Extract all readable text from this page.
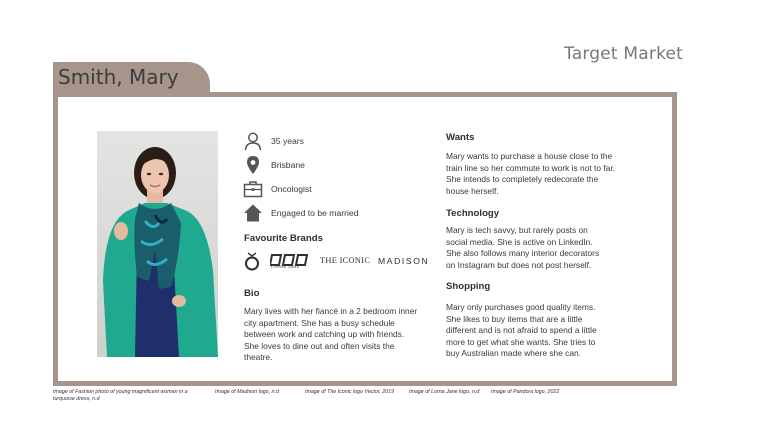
Target Market
Smith, Mary
35 years
Brisbane
Oncologist
Engaged to be married
Favourite Brands
LORNA JANE
THE ICONIC MADISON
Bio
Mary lives with her fiancé in a 2 bedroom inner
city apartment. She has a busy schedule
between work and catching up with friends.
She loves to dine out and often visits the
theatre.
Wants
Mary wants to purchase a house close to the
train line so her commute to work is not to far.
She intends to completely redecorate the
house herself.
Technology
Mary is tech savvy, but rarely posts on
social media. She is active on LinkedIn.
She also follows many interior decorators
on Instagram but does not post herself.
Shopping
Mary only purchases good quality items.
She likes to buy items that are a little
different and is not afraid to spend a little
more to get what she wants. She tries to
buy Australian made where she can.
Image of Fashion photo of young magnificent woman in a
turquoise dress, n.d
Image of Madison logo, n.d	Image of The Iconic logo Vector, 2019	Image of Lorna Jane logo, n.d Image of Pandora logo, 2022
